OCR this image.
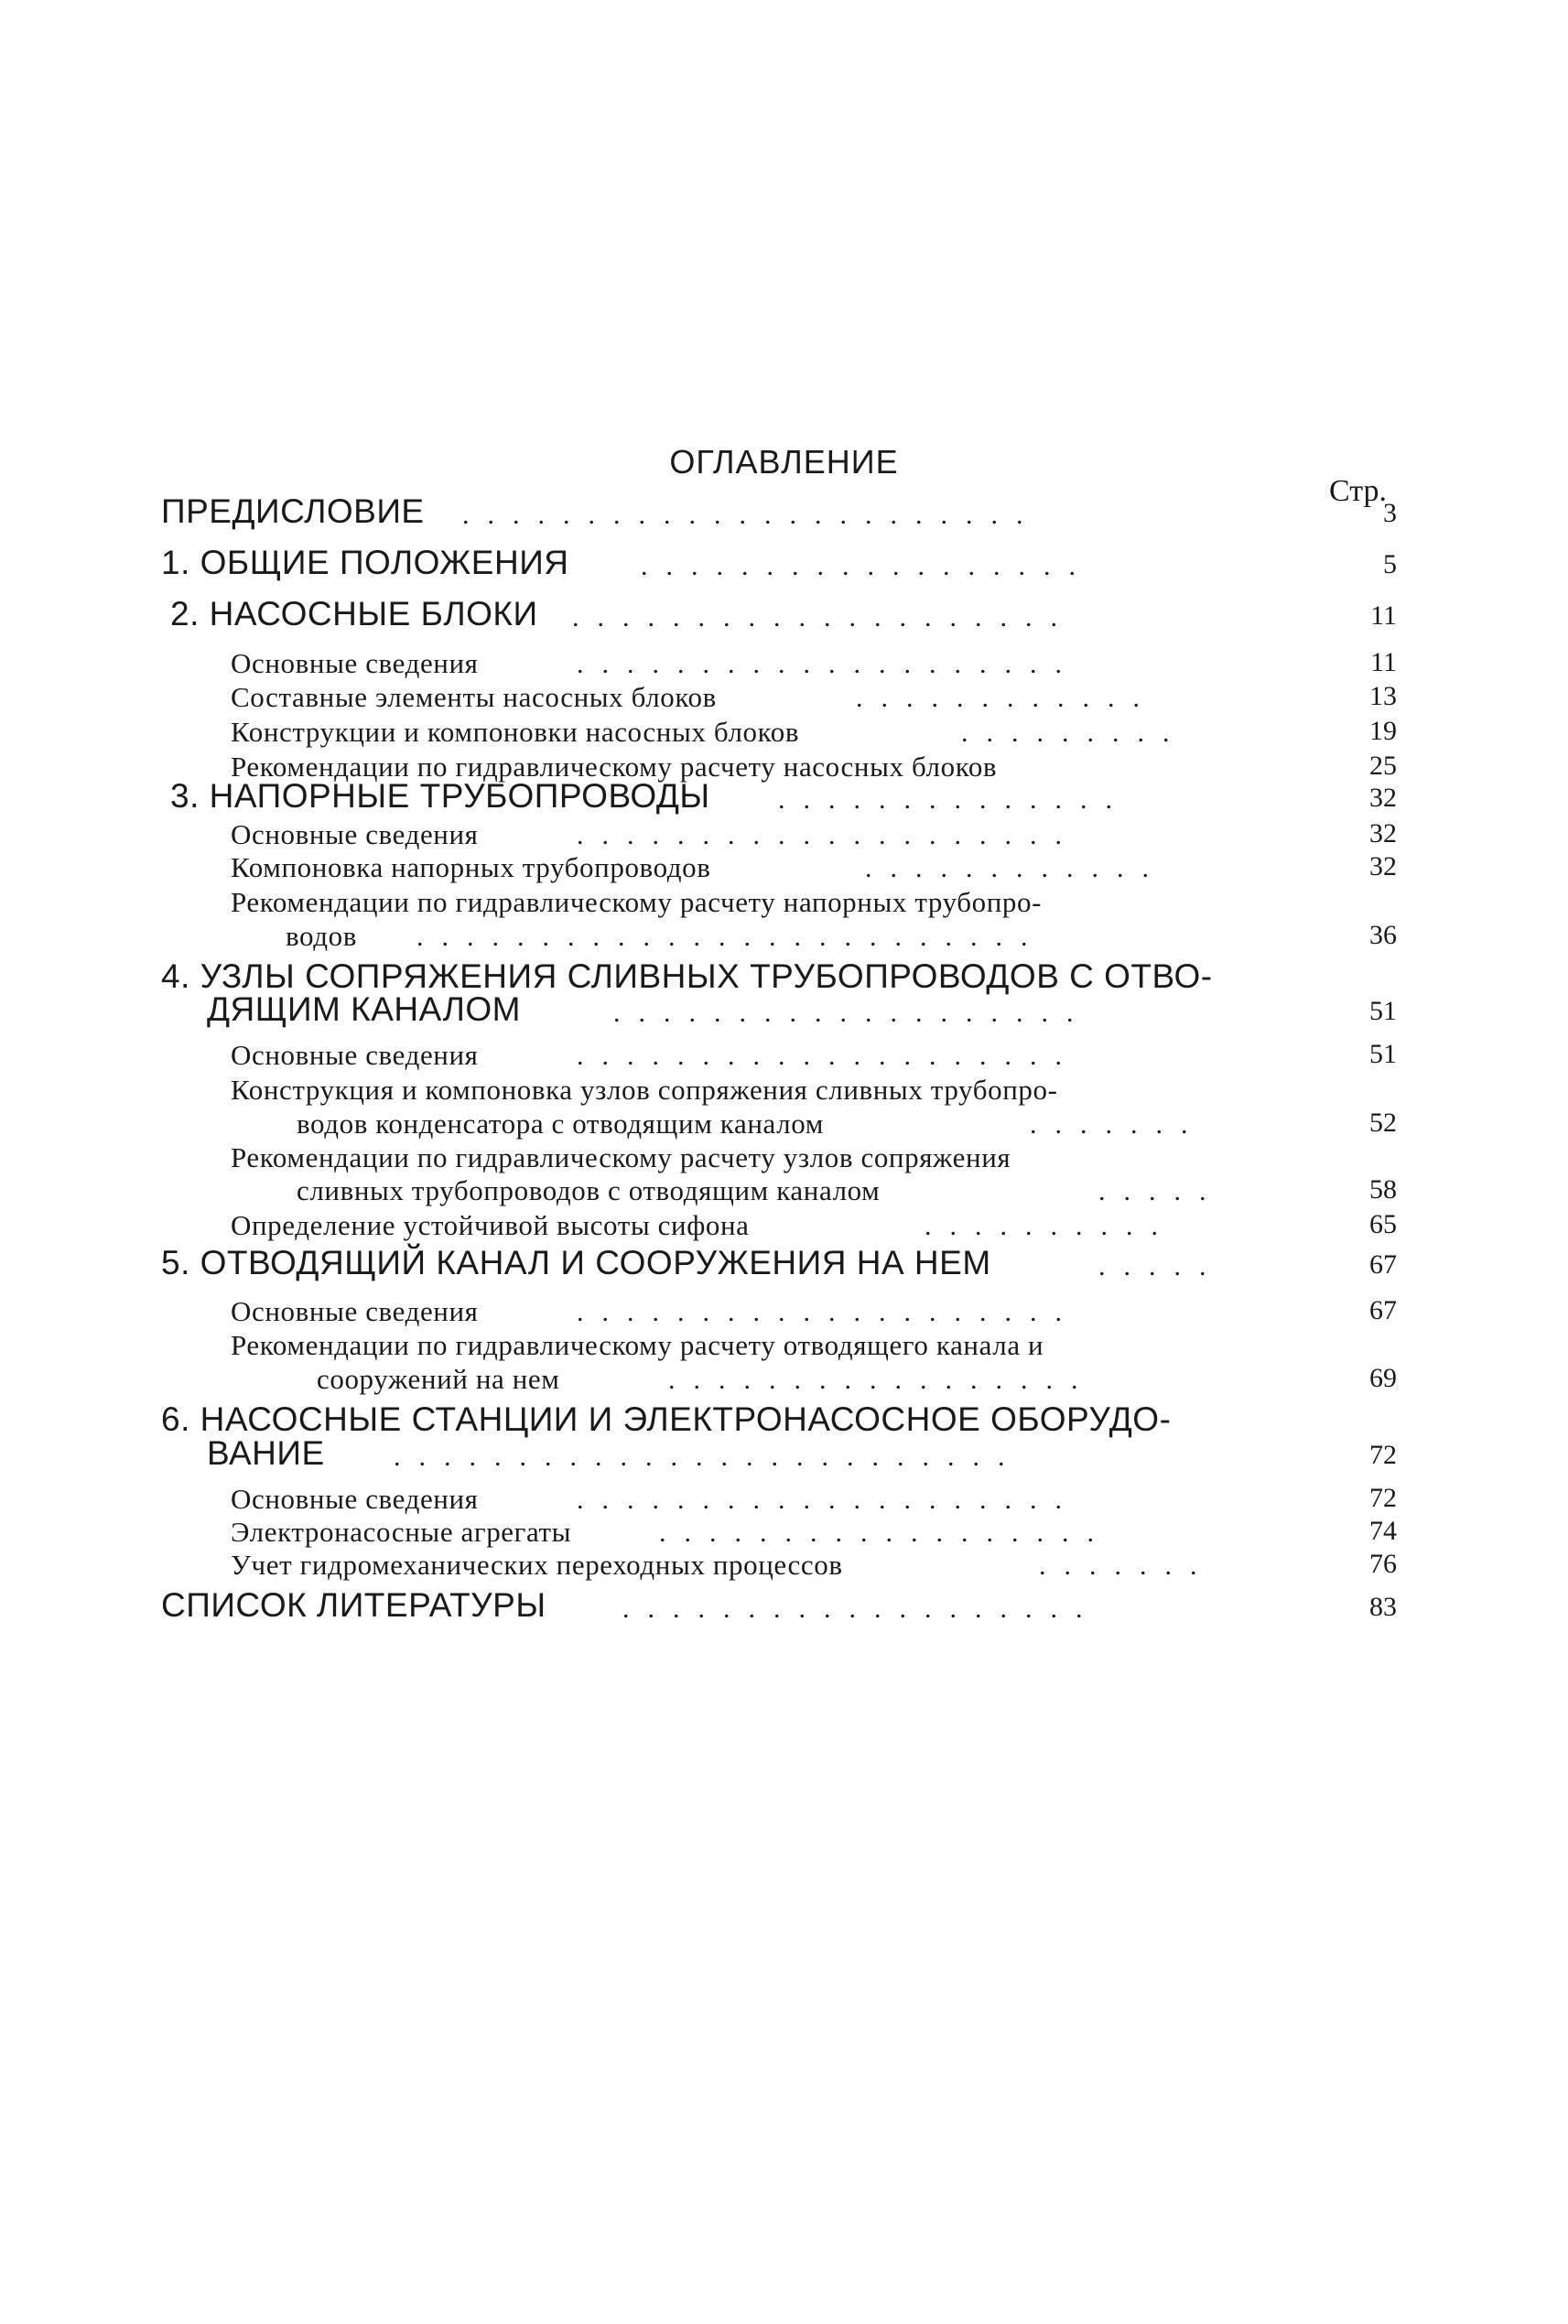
ОГЛАВЛЕНИЕ
Стр.
ПРЕДИСЛОВИЕ .......................	3
1. ОБЩИЕ ПОЛОЖЕНИЯ	..................	5
2. НАСОСНЫЕ БЛОКИ ....................	11
Основные сведения	....................	11
Составные элементы насосных блоков	............	13
Конструкции и компоновки насосных блоков	.........	19
Рекомендации по гидравлическому расчету насосных блоков	25
3. НАПОРНЫЕ ТРУБОПРОВОДЫ ..............	32
Основные сведения	....................	32
Компоновка напорных трубопроводов	............	32
Рекомендации по гидравлическому расчету напорных трубопро-
водов .........................	36
4. УЗЛЫ СОПРЯЖЕНИЯ СЛИВНЫХ ТРУБОПРОВОДОВ С ОТВО-
ДЯЩИМ КАНАЛОМ	...................	51
Основные сведения	....................	51
Конструкция и компоновка узлов сопряжения сливных трубопро-
водов конденсатора с отводящим каналом	.......	52
Рекомендации по гидравлическому расчету узлов сопряжения
сливных трубопроводов с отводящим каналом	.....	58
Определение устойчивой высоты сифона	..........	65
5. ОТВОДЯЩИЙ КАНАЛ И СООРУЖЕНИЯ НА НЕМ	.....	67
Основные сведения	....................	67
Рекомендации по гидравлическому расчету отводящего канала и
сооружений на нем	.................	69
6. НАСОСНЫЕ СТАНЦИИ И ЭЛЕКТРОНАСОСНОЕ ОБОРУДО-
ВАНИЕ	.........................	72
Основные сведения	....................	72
Электронасосные агрегаты	..................	74
Учет гидромеханических переходных процессов	.......	76
СПИСОК ЛИТЕРАТУРЫ	...................	83
